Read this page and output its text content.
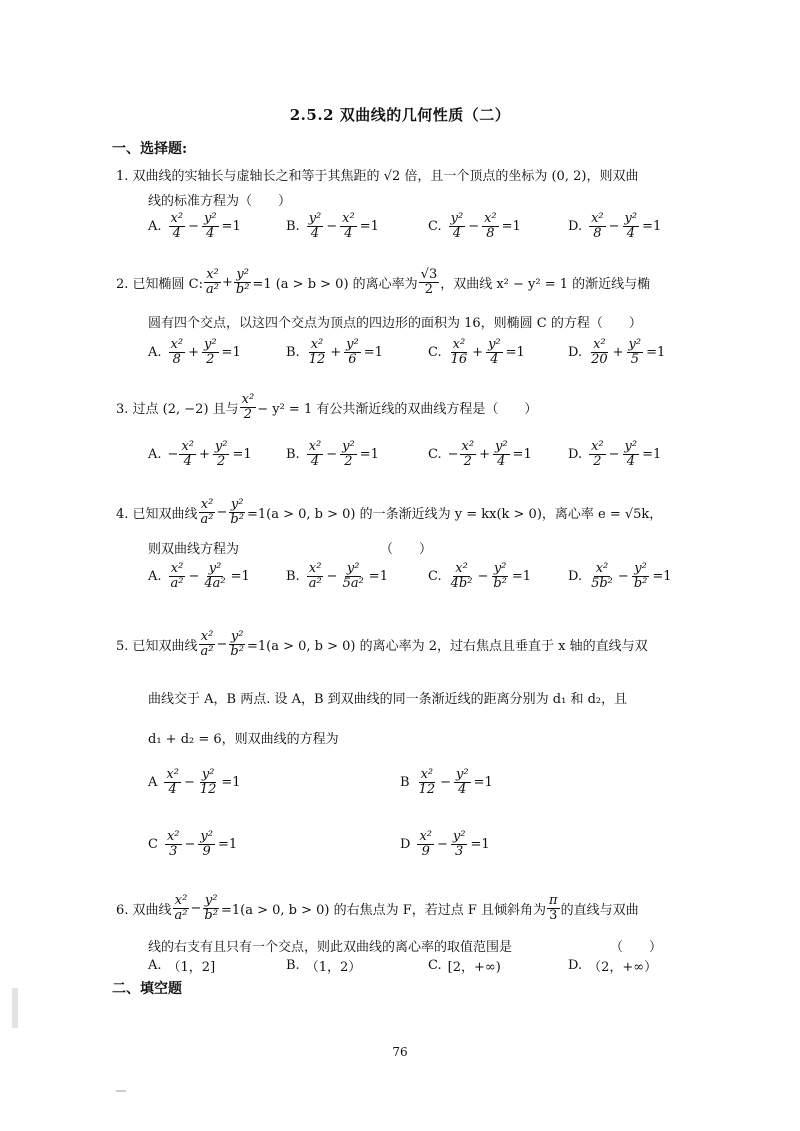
2.5.2 双曲线的几何性质（二）
一、选择题:
1. 双曲线的实轴长与虚轴长之和等于其焦距的 √2 倍，且一个顶点的坐标为 (0, 2)，则双曲
线的标准方程为（　　）
A. $\frac{\text{x²}}{4} - \frac{\text{y²}}{4} =1$	B. $\frac{\text{y²}}{4} - \frac{\text{x²}}{4} =1$	C. $\frac{\text{y²}}{4} - \frac{\text{x²}}{8} =1$	D. $\frac{\text{x²}}{8} - \frac{\text{y²}}{4} =1$
2. 已知椭圆 C: $\frac{\text{x²}}{\text{a²}} + \frac{\text{y²}}{\text{b²}} =1$ (a > b > 0) 的离心率为 $\frac{√3}{2}$ ，双曲线 x² − y² = 1 的渐近线与椭
圆有四个交点，以这四个交点为顶点的四边形的面积为 16，则椭圆 C 的方程（　　）
A. $\frac{\text{x²}}{8} + \frac{\text{y²}}{2} =1$	B. $\frac{\text{x²}}{12} + \frac{\text{y²}}{6} =1$	C. $\frac{\text{x²}}{16} + \frac{\text{y²}}{4} =1$	D. $\frac{\text{x²}}{20} + \frac{\text{y²}}{5} =1$
3. 过点 (2, −2) 且与 $\frac{\text{x²}}{2} - y^2 = 1$ 有公共渐近线的双曲线方程是（　　）
A. − $\frac{\text{x²}}{4} + \frac{\text{y²}}{2} =1$	B. $\frac{\text{x²}}{4} - \frac{\text{y²}}{2} =1$	C. − $\frac{\text{x²}}{2} + \frac{\text{y²}}{4} =1$	D. $\frac{\text{x²}}{2} - \frac{\text{y²}}{4} =1$
4. 已知双曲线 $\frac{\text{x²}}{\text{a²}} - \frac{\text{y²}}{\text{b²}} =1(a > 0$, b > 0) 的一条渐近线为 y = kx(k > 0)，离心率 e = √5k，
则双曲线方程为	（　　）
A. $\frac{\text{x²}}{\text{a²}} - \frac{\text{y²}}{\text{4a²}} =1$	B. $\frac{\text{x²}}{\text{a²}} - \frac{\text{y²}}{\text{5a²}} =1$	C. $\frac{\text{x²}}{\text{4b²}} - \frac{\text{y²}}{\text{b²}} =1$	D. $\frac{\text{x²}}{\text{5b²}} - \frac{\text{y²}}{\text{b²}} =1$
5. 已知双曲线 $\frac{\text{x²}}{\text{a²}} - \frac{\text{y²}}{\text{b²}} =1(a > 0$, b > 0) 的离心率为 2，过右焦点且垂直于 x 轴的直线与双
曲线交于 A，B 两点. 设 A，B 到双曲线的同一条渐近线的距离分别为 d₁ 和 d₂，且
d₁ + d₂ = 6，则双曲线的方程为
A $\frac{\text{x²}}{4} - \frac{\text{y²}}{12} =1$	B $\frac{\text{x²}}{12} - \frac{\text{y²}}{4} =1$
C $\frac{\text{x²}}{3} - \frac{\text{y²}}{9} =1$	D $\frac{\text{x²}}{9} - \frac{\text{y²}}{3} =1$
6. 双曲线 $\frac{\text{x²}}{\text{a²}} - \frac{\text{y²}}{\text{b²}} =1(a > 0$, b > 0) 的右焦点为 F，若过点 F 且倾斜角为 $\frac{\pi}{3}$ 的直线与双曲
线的右支有且只有一个交点，则此双曲线的离心率的取值范围是	（　　）
A. （1，2]	B. （1，2）	C. [2，+∞)	D. （2，+∞）
二、填空题
76
